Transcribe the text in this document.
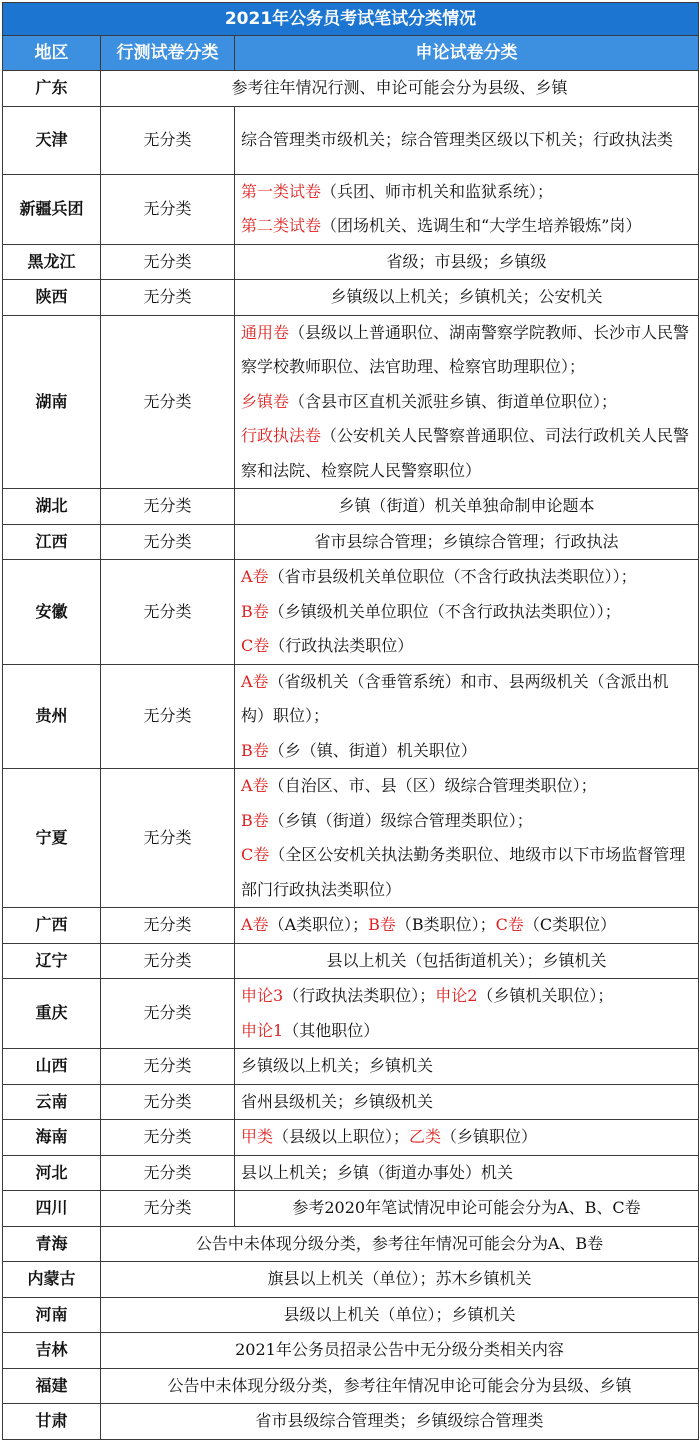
2021年公务员考试笔试分类情况		
地区	行测试卷分类	申论试卷分类
广东	参考往年情况行测、申论可能会分为县级、乡镇	
天津	无分类	综合管理类市级机关；综合管理类区级以下机关；行政执法类
新疆兵团	无分类	第一类试卷（兵团、师市机关和监狱系统）；
第二类试卷（团场机关、选调生和“大学生培养锻炼”岗）
黑龙江	无分类	省级；市县级；乡镇级
陕西	无分类	乡镇级以上机关；乡镇机关；公安机关
湖南	无分类	通用卷（县级以上普通职位、湖南警察学院教师、长沙市人民警察学校教师职位、法官助理、检察官助理职位）；
乡镇卷（含县市区直机关派驻乡镇、街道单位职位）；
行政执法卷（公安机关人民警察普通职位、司法行政机关人民警察和法院、检察院人民警察职位）
湖北	无分类	乡镇（街道）机关单独命制申论题本
江西	无分类	省市县综合管理；乡镇综合管理；行政执法
安徽	无分类	A卷（省市县级机关单位职位（不含行政执法类职位））；
B卷（乡镇级机关单位职位（不含行政执法类职位））；
C卷（行政执法类职位）
贵州	无分类	A卷（省级机关（含垂管系统）和市、县两级机关（含派出机构）职位）；
B卷（乡（镇、街道）机关职位）
宁夏	无分类	A卷（自治区、市、县（区）级综合管理类职位）；
B卷（乡镇（街道）级综合管理类职位）；
C卷（全区公安机关执法勤务类职位、地级市以下市场监督管理部门行政执法类职位）
广西	无分类	A卷（A类职位）；B卷（B类职位）；C卷（C类职位）
辽宁	无分类	县以上机关（包括街道机关）；乡镇机关
重庆	无分类	申论3（行政执法类职位）；申论2（乡镇机关职位）；
申论1（其他职位）
山西	无分类	乡镇级以上机关；乡镇机关
云南	无分类	省州县级机关；乡镇级机关
海南	无分类	甲类（县级以上职位）；乙类（乡镇职位）
河北	无分类	县以上机关；乡镇（街道办事处）机关
四川	无分类	参考2020年笔试情况申论可能会分为A、B、C卷
青海	公告中未体现分级分类，参考往年情况可能会分为A、B卷	
内蒙古	旗县以上机关（单位）；苏木乡镇机关	
河南	县级以上机关（单位）；乡镇机关	
吉林	2021年公务员招录公告中无分级分类相关内容	
福建	公告中未体现分级分类，参考往年情况申论可能会分为县级、乡镇	
甘肃	省市县级综合管理类；乡镇级综合管理类	
